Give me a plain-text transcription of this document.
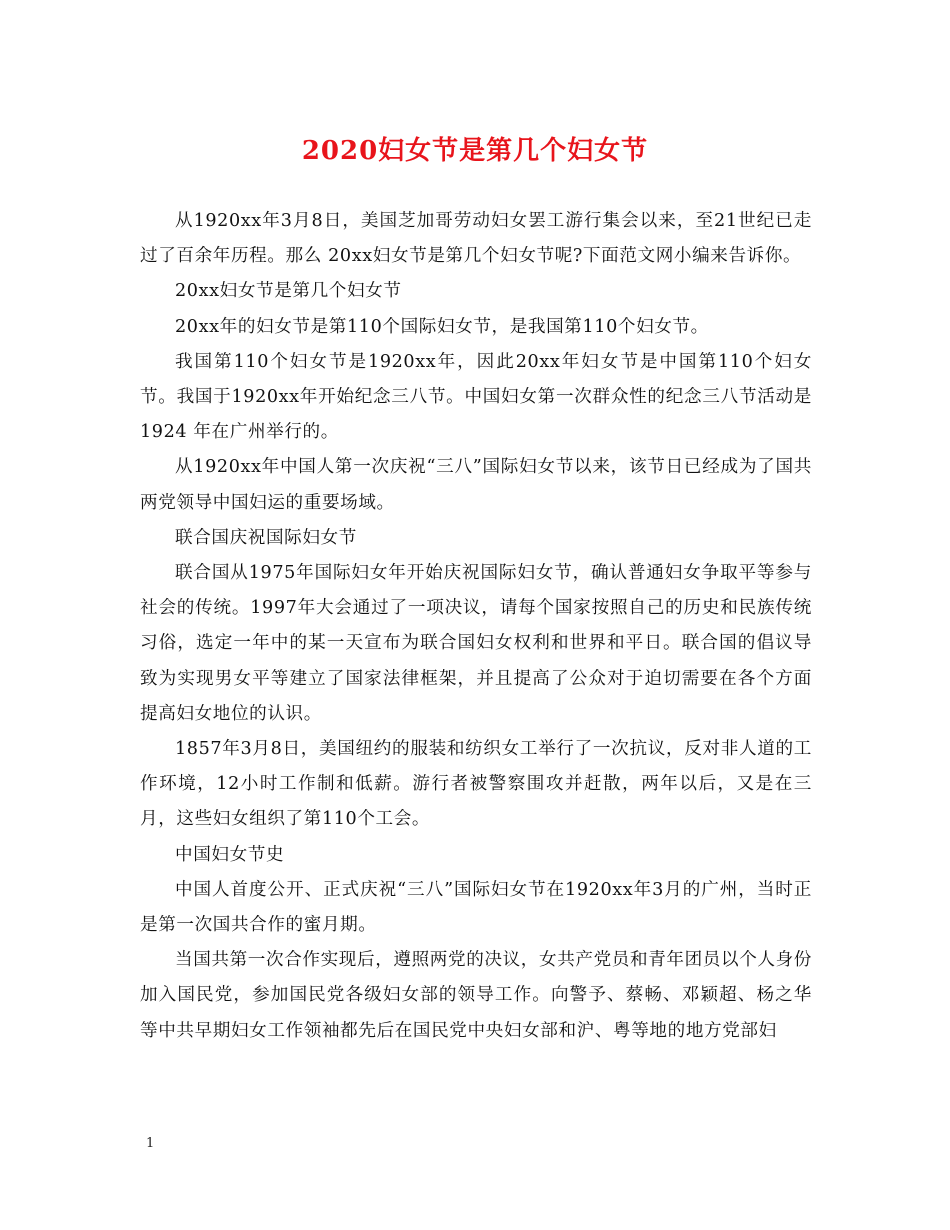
2020妇女节是第几个妇女节

从1920xx年3月8日，美国芝加哥劳动妇女罢工游行集会以来，至21世纪已走过了百余年历程。那么 20xx妇女节是第几个妇女节呢?下面范文网小编来告诉你。

20xx妇女节是第几个妇女节

20xx年的妇女节是第110个国际妇女节，是我国第110个妇女节。

我国第110个妇女节是1920xx年，因此20xx年妇女节是中国第110个妇女节。我国于1920xx年开始纪念三八节。中国妇女第一次群众性的纪念三八节活动是1924 年在广州举行的。

从1920xx年中国人第一次庆祝“三八”国际妇女节以来，该节日已经成为了国共两党领导中国妇运的重要场域。

联合国庆祝国际妇女节

联合国从1975年国际妇女年开始庆祝国际妇女节，确认普通妇女争取平等参与社会的传统。1997年大会通过了一项决议，请每个国家按照自己的历史和民族传统习俗，选定一年中的某一天宣布为联合国妇女权利和世界和平日。联合国的倡议导致为实现男女平等建立了国家法律框架，并且提高了公众对于迫切需要在各个方面提高妇女地位的认识。

1857年3月8日，美国纽约的服装和纺织女工举行了一次抗议，反对非人道的工作环境，12小时工作制和低薪。游行者被警察围攻并赶散，两年以后，又是在三月，这些妇女组织了第110个工会。

中国妇女节史

中国人首度公开、正式庆祝“三八”国际妇女节在1920xx年3月的广州，当时正是第一次国共合作的蜜月期。

当国共第一次合作实现后，遵照两党的决议，女共产党员和青年团员以个人身份加入国民党，参加国民党各级妇女部的领导工作。向警予、蔡畅、邓颖超、杨之华等中共早期妇女工作领袖都先后在国民党中央妇女部和沪、粤等地的地方党部妇

1
